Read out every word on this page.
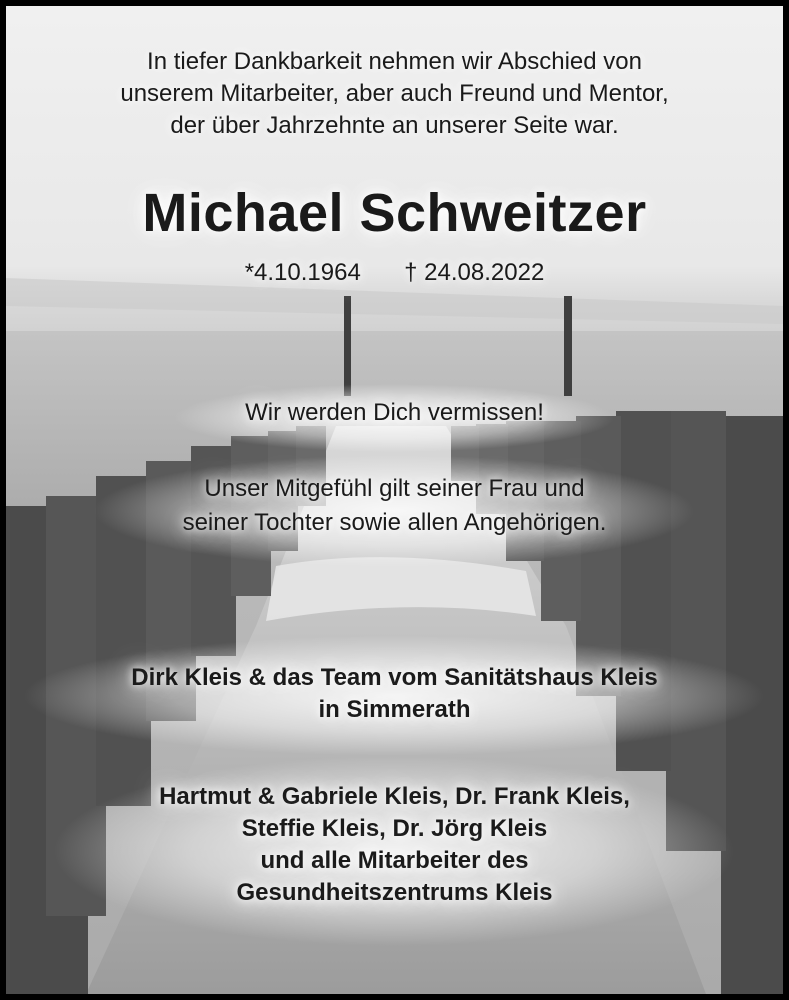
In tiefer Dankbarkeit nehmen wir Abschied von
unserem Mitarbeiter, aber auch Freund und Mentor,
der über Jahrzehnte an unserer Seite war.
Michael Schweitzer
*4.10.1964 † 24.08.2022
Wir werden Dich vermissen!
Unser Mitgefühl gilt seiner Frau und
seiner Tochter sowie allen Angehörigen.
Dirk Kleis & das Team vom Sanitätshaus Kleis
in Simmerath
Hartmut & Gabriele Kleis, Dr. Frank Kleis,
Steffie Kleis, Dr. Jörg Kleis
und alle Mitarbeiter des
Gesundheitszentrums Kleis
